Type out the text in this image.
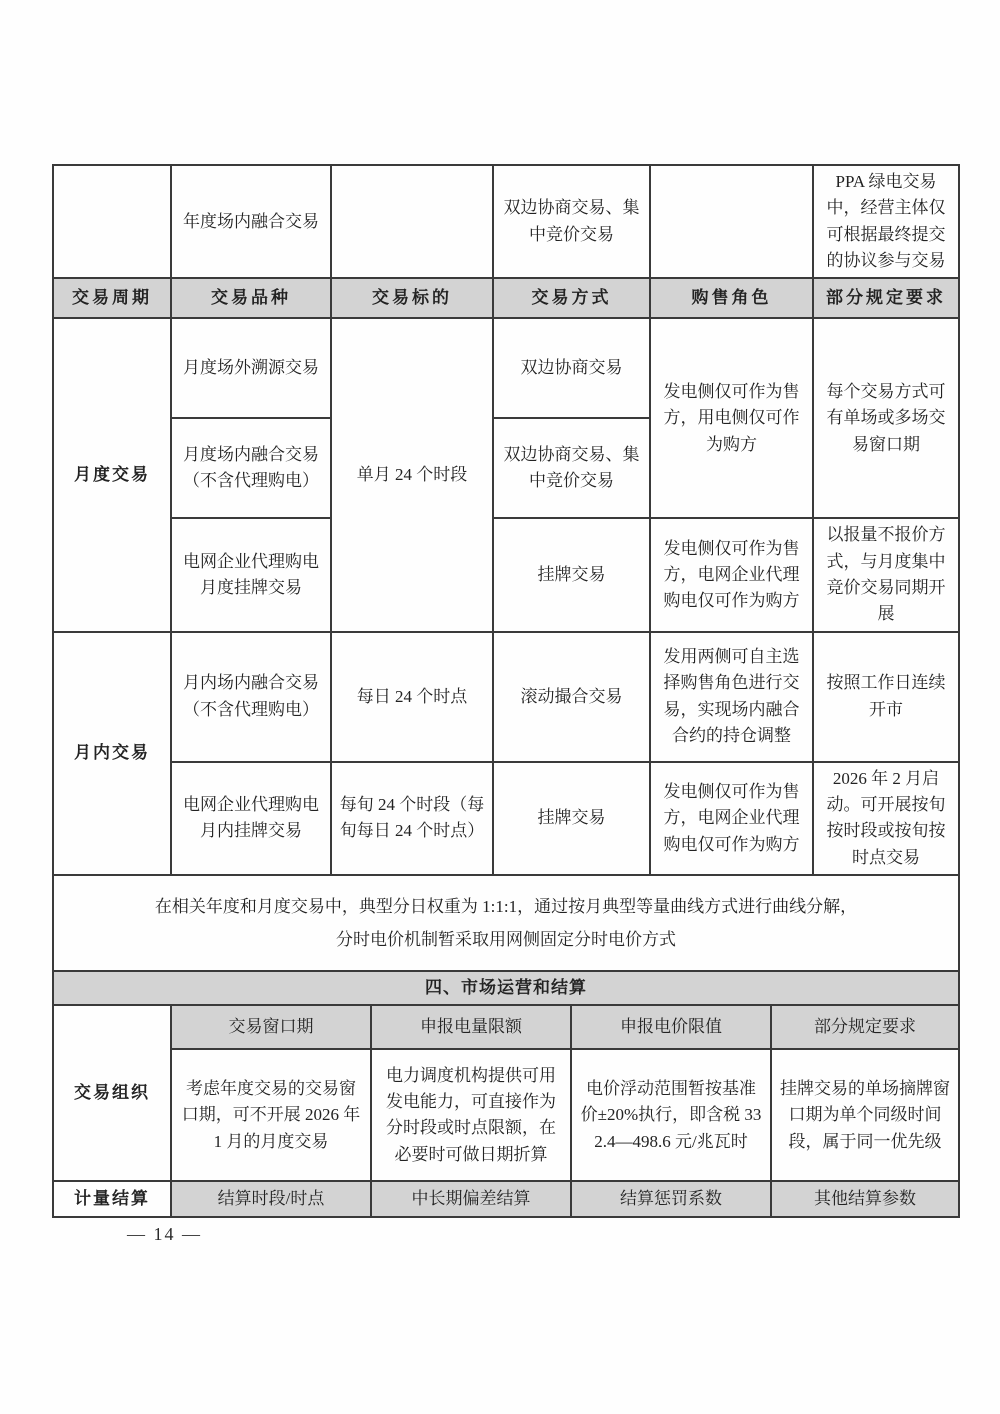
	年度场内融合交易		双边协商交易、集中竞价交易		PPA 绿电交易中，经营主体仅可根据最终提交的协议参与交易
交易周期	交易品种	交易标的	交易方式	购售角色	部分规定要求
月度交易	月度场外溯源交易	单月 24 个时段	双边协商交易	发电侧仅可作为售方，用电侧仅可作为购方	每个交易方式可有单场或多场交易窗口期
	月度场内融合交易（不含代理购电）		双边协商交易、集中竞价交易		
	电网企业代理购电月度挂牌交易		挂牌交易	发电侧仅可作为售方，电网企业代理购电仅可作为购方	以报量不报价方式，与月度集中竞价交易同期开展
月内交易	月内场内融合交易（不含代理购电）	每日 24 个时点	滚动撮合交易	发用两侧可自主选择购售角色进行交易，实现场内融合合约的持仓调整	按照工作日连续开市
	电网企业代理购电月内挂牌交易	每旬 24 个时段（每旬每日 24 个时点）	挂牌交易	发电侧仅可作为售方，电网企业代理购电仅可作为购方	2026 年 2 月启动。可开展按旬按时段或按旬按时点交易

在相关年度和月度交易中，典型分日权重为 1:1:1，通过按月典型等量曲线方式进行曲线分解，
分时电价机制暂采取用网侧固定分时电价方式					
四、市场运营和结算				
交易组织	交易窗口期	申报电量限额	申报电价限值	部分规定要求
	考虑年度交易的交易窗口期，可不开展 2026 年 1 月的月度交易	电力调度机构提供可用发电能力，可直接作为分时段或时点限额，在必要时可做日期折算	电价浮动范围暂按基准价±20%执行，即含税 332.4—498.6 元/兆瓦时	挂牌交易的单场摘牌窗口期为单个同级时间段，属于同一优先级
计量结算	结算时段/时点	中长期偏差结算	结算惩罚系数	其他结算参数
— 14 —
